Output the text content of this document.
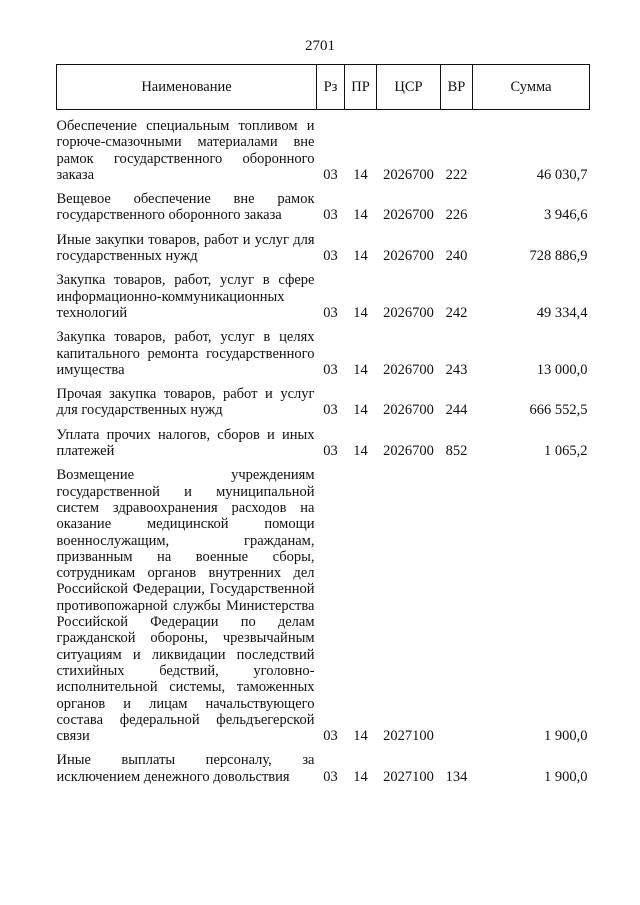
2701
Наименование	Рз	ПР	ЦСР	ВР	Сумма
Обеспечение специальным топливом и горюче-смазочными материалами вне рамок государственного оборонного заказа	03	14	2026700	222	46 030,7
Вещевое обеспечение вне рамок государственного оборонного заказа	03	14	2026700	226	3 946,6
Иные закупки товаров, работ и услуг для государственных нужд	03	14	2026700	240	728 886,9
Закупка товаров, работ, услуг в сфере информационно-коммуникационных технологий	03	14	2026700	242	49 334,4
Закупка товаров, работ, услуг в целях капитального ремонта государственного имущества	03	14	2026700	243	13 000,0
Прочая закупка товаров, работ и услуг для государственных нужд	03	14	2026700	244	666 552,5
Уплата прочих налогов, сборов и иных платежей	03	14	2026700	852	1 065,2
Возмещение учреждениям государственной и муниципальной систем здравоохранения расходов на оказание медицинской помощи военнослужащим, гражданам, призванным на военные сборы, сотрудникам органов внутренних дел Российской Федерации, Государственной противопожарной службы Министерства Российской Федерации по делам гражданской обороны, чрезвычайным ситуациям и ликвидации последствий стихийных бедствий, уголовно-исполнительной системы, таможенных органов и лицам начальствующего состава федеральной фельдъегерской связи	03	14	2027100		1 900,0
Иные выплаты персоналу, за исключением денежного довольствия	03	14	2027100	134	1 900,0
